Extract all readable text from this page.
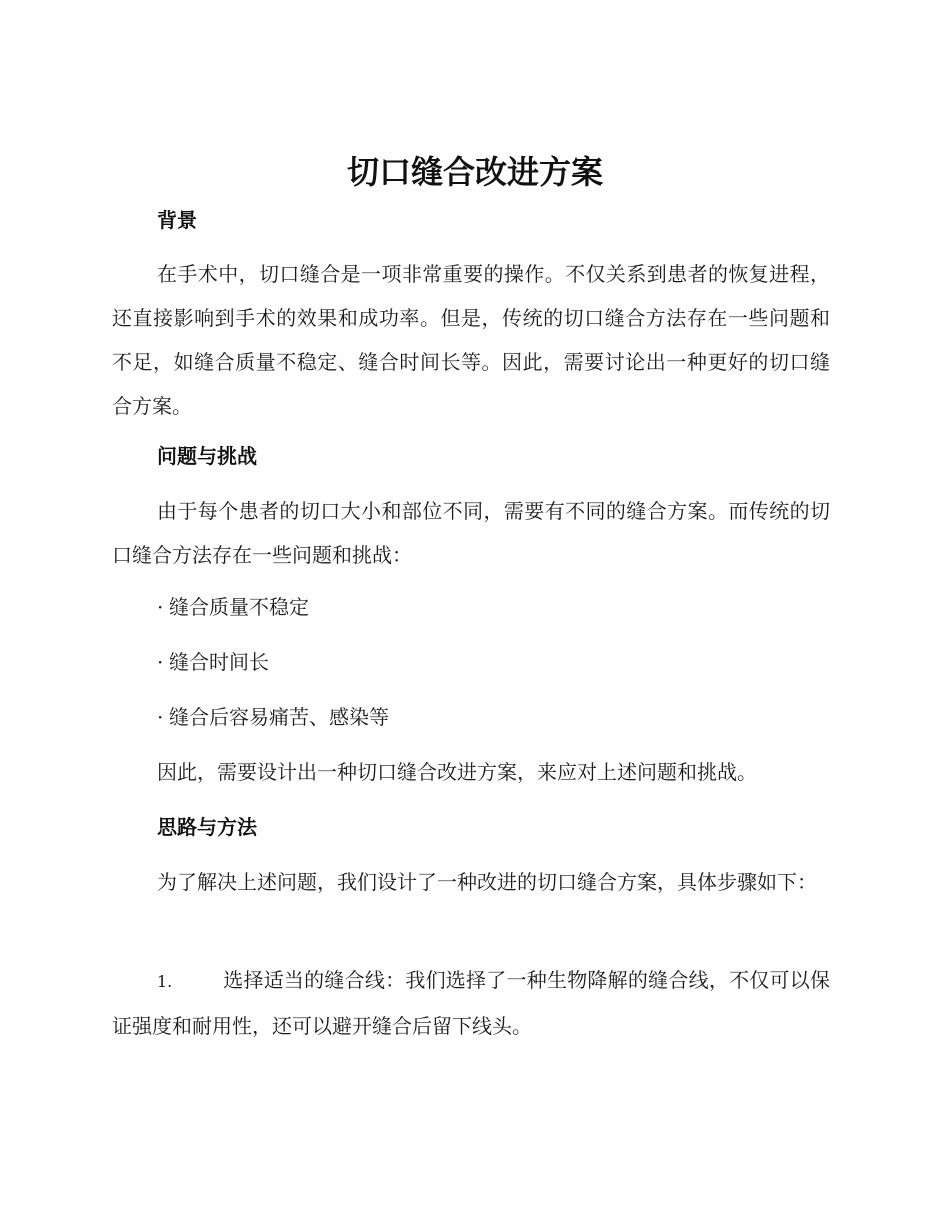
切口缝合改进方案
背景

在手术中，切口缝合是一项非常重要的操作。不仅关系到患者的恢复进程，还直接影响到手术的效果和成功率。但是，传统的切口缝合方法存在一些问题和不足，如缝合质量不稳定、缝合时间长等。因此，需要讨论出一种更好的切口缝合方案。

问题与挑战

由于每个患者的切口大小和部位不同，需要有不同的缝合方案。而传统的切口缝合方法存在一些问题和挑战：

· 缝合质量不稳定
· 缝合时间长
· 缝合后容易痛苦、感染等

因此，需要设计出一种切口缝合改进方案，来应对上述问题和挑战。

思路与方法

为了解决上述问题，我们设计了一种改进的切口缝合方案，具体步骤如下：

1.	选择适当的缝合线：我们选择了一种生物降解的缝合线，不仅可以保证强度和耐用性，还可以避开缝合后留下线头。
